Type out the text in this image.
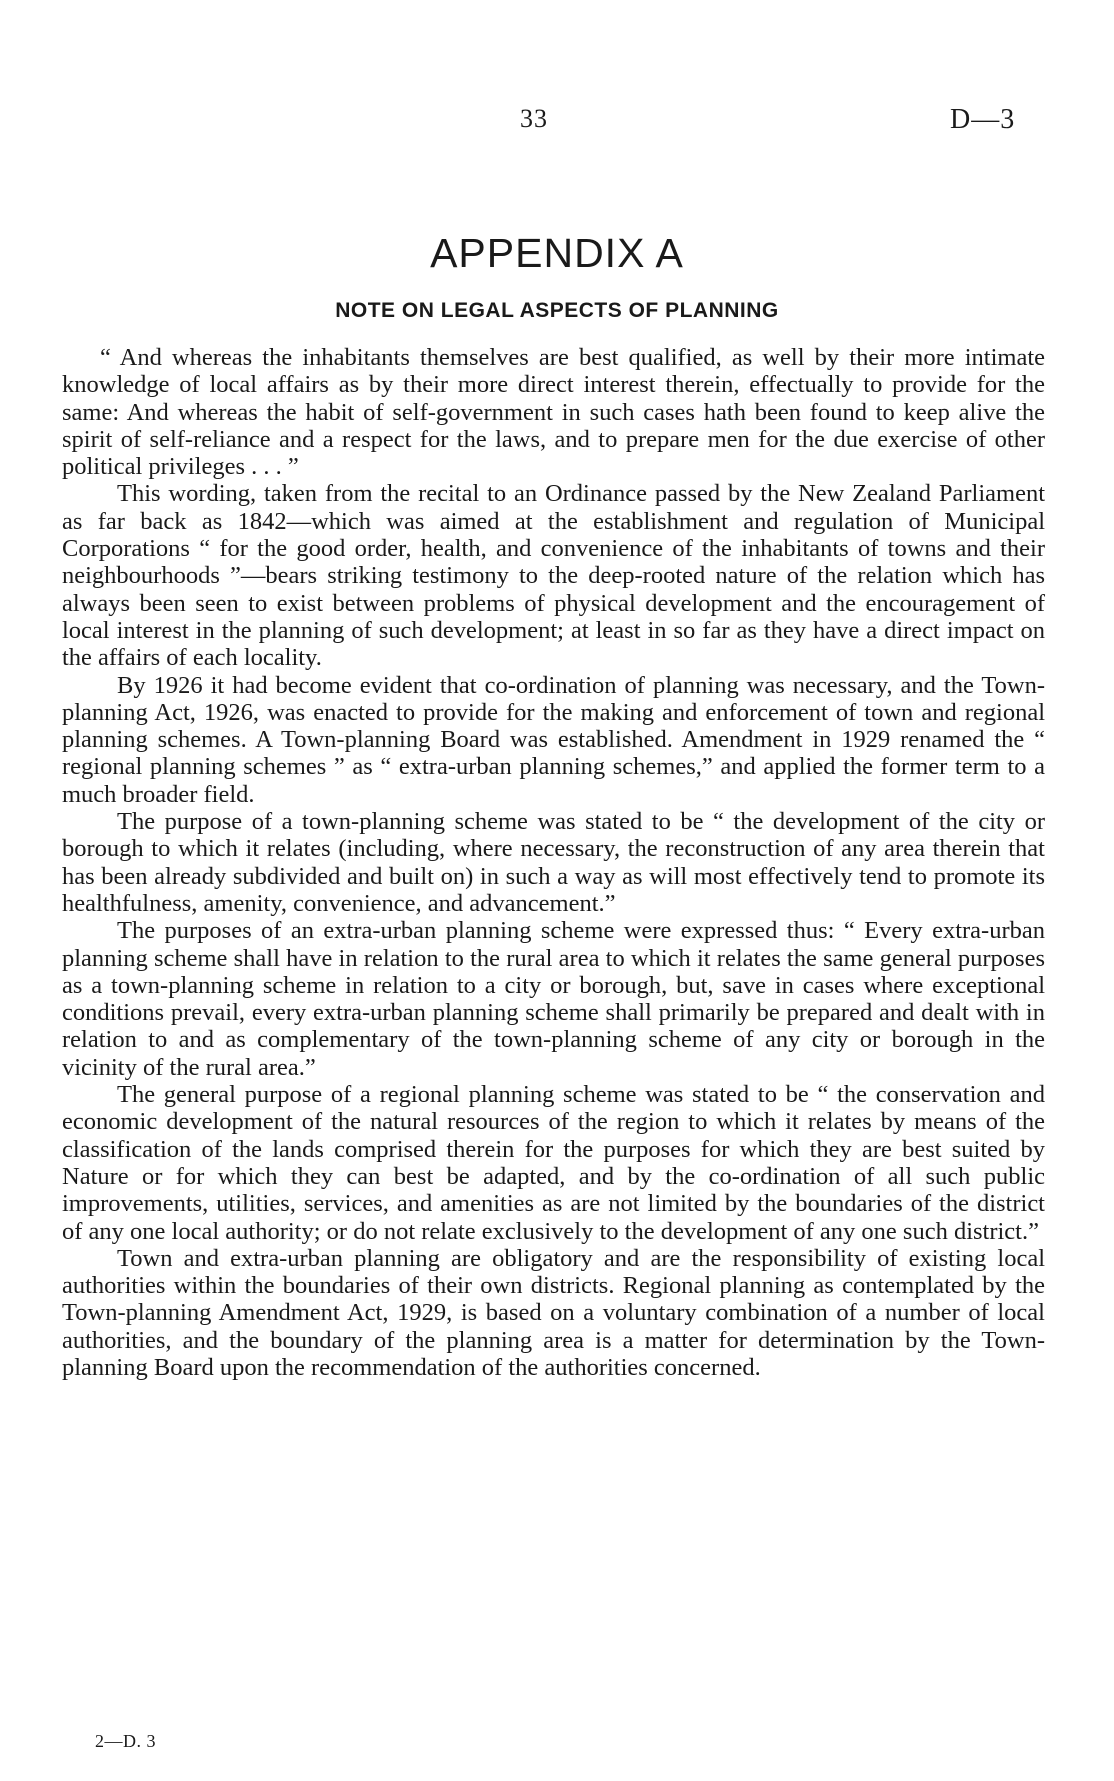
33	D—3
APPENDIX A
NOTE ON LEGAL ASPECTS OF PLANNING

“ And whereas the inhabitants themselves are best qualified, as well by their more intimate knowledge of local affairs as by their more direct interest therein, effectually to provide for the same: And whereas the habit of self-government in such cases hath been found to keep alive the spirit of self-reliance and a respect for the laws, and to prepare men for the due exercise of other political privileges . . . ”

This wording, taken from the recital to an Ordinance passed by the New Zealand Parliament as far back as 1842—which was aimed at the establishment and regulation of Municipal Corporations “ for the good order, health, and convenience of the inhabitants of towns and their neighbourhoods ”—bears striking testimony to the deep-rooted nature of the relation which has always been seen to exist between problems of physical development and the encouragement of local interest in the planning of such development; at least in so far as they have a direct impact on the affairs of each locality.

By 1926 it had become evident that co-ordination of planning was necessary, and the Town-planning Act, 1926, was enacted to provide for the making and enforcement of town and regional planning schemes. A Town-planning Board was established. Amendment in 1929 renamed the “ regional planning schemes ” as “ extra-urban planning schemes,” and applied the former term to a much broader field.

The purpose of a town-planning scheme was stated to be “ the development of the city or borough to which it relates (including, where necessary, the reconstruction of any area therein that has been already subdivided and built on) in such a way as will most effectively tend to promote its healthfulness, amenity, convenience, and advancement.”

The purposes of an extra-urban planning scheme were expressed thus: “ Every extra-urban planning scheme shall have in relation to the rural area to which it relates the same general purposes as a town-planning scheme in relation to a city or borough, but, save in cases where exceptional conditions prevail, every extra-urban planning scheme shall primarily be prepared and dealt with in relation to and as complementary of the town-planning scheme of any city or borough in the vicinity of the rural area.”

The general purpose of a regional planning scheme was stated to be “ the conservation and economic development of the natural resources of the region to which it relates by means of the classification of the lands comprised therein for the purposes for which they are best suited by Nature or for which they can best be adapted, and by the co-ordination of all such public improvements, utilities, services, and amenities as are not limited by the boundaries of the district of any one local authority; or do not relate exclusively to the development of any one such district.”

Town and extra-urban planning are obligatory and are the responsibility of existing local authorities within the boundaries of their own districts. Regional planning as contemplated by the Town-planning Amendment Act, 1929, is based on a voluntary combination of a number of local authorities, and the boundary of the planning area is a matter for determination by the Town-planning Board upon the recommendation of the authorities concerned.

2—D. 3
